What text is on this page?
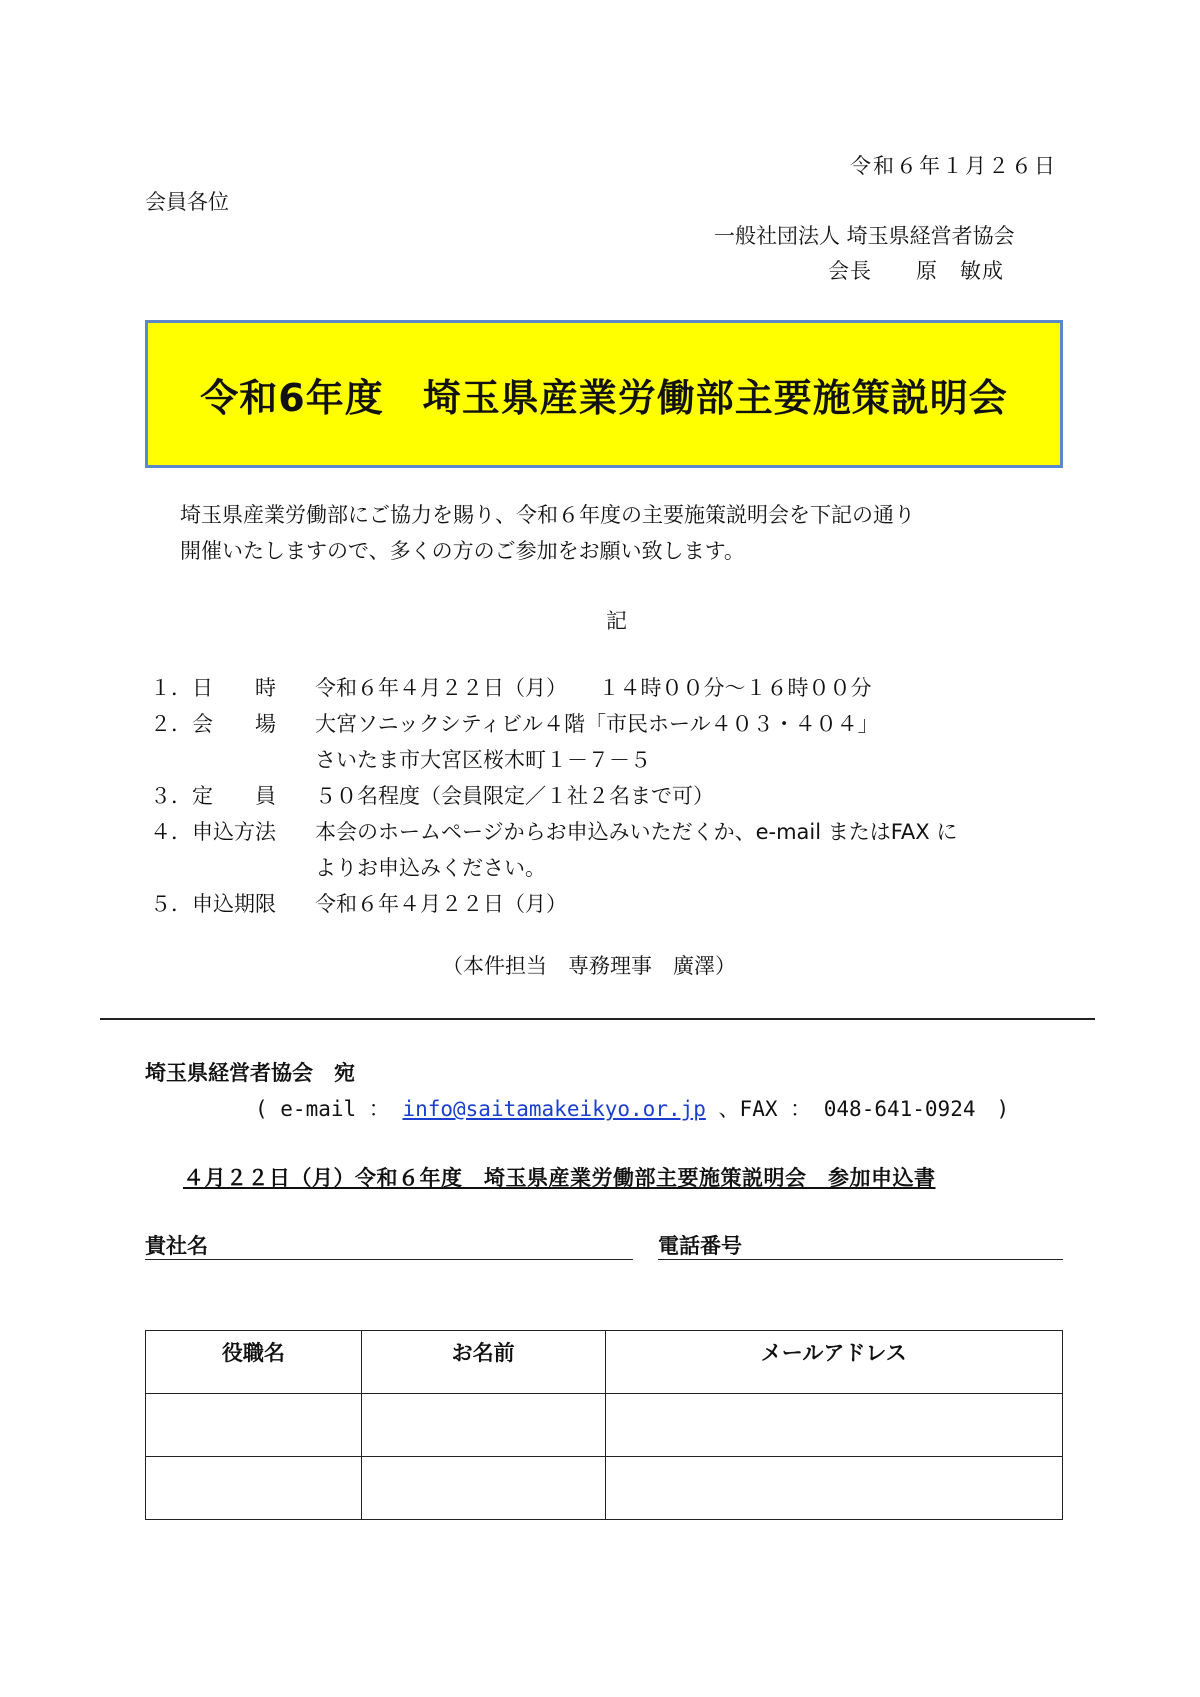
令和６年１月２６日
会員各位
一般社団法人 埼玉県経営者協会
会長　　原　敏成
令和6年度　埼玉県産業労働部主要施策説明会
埼玉県産業労働部にご協力を賜り、令和６年度の主要施策説明会を下記の通り
開催いたしますので、多くの方のご参加をお願い致します。
記
１． 日　　時	令和６年４月２２日（月）　　１４時００分～１６時００分
２． 会　　場	大宮ソニックシティビル４階「市民ホール４０３・４０４」
さいたま市大宮区桜木町１－７－５
３． 定　　員	５０名程度（会員限定／１社２名まで可）
４． 申込方法	本会のホームページからお申込みいただくか、e-mail またはFAX に
よりお申込みください。
５． 申込期限	令和６年４月２２日（月）
（本件担当　専務理事　廣澤）
埼玉県経営者協会　宛
( e-mail ： info@saitamakeikyo.or.jp 、FAX ： 048‐641‐0924　)
４月２２日（月）令和６年度　埼玉県産業労働部主要施策説明会　参加申込書
貴社名	電話番号
役職名	お名前	メールアドレス
